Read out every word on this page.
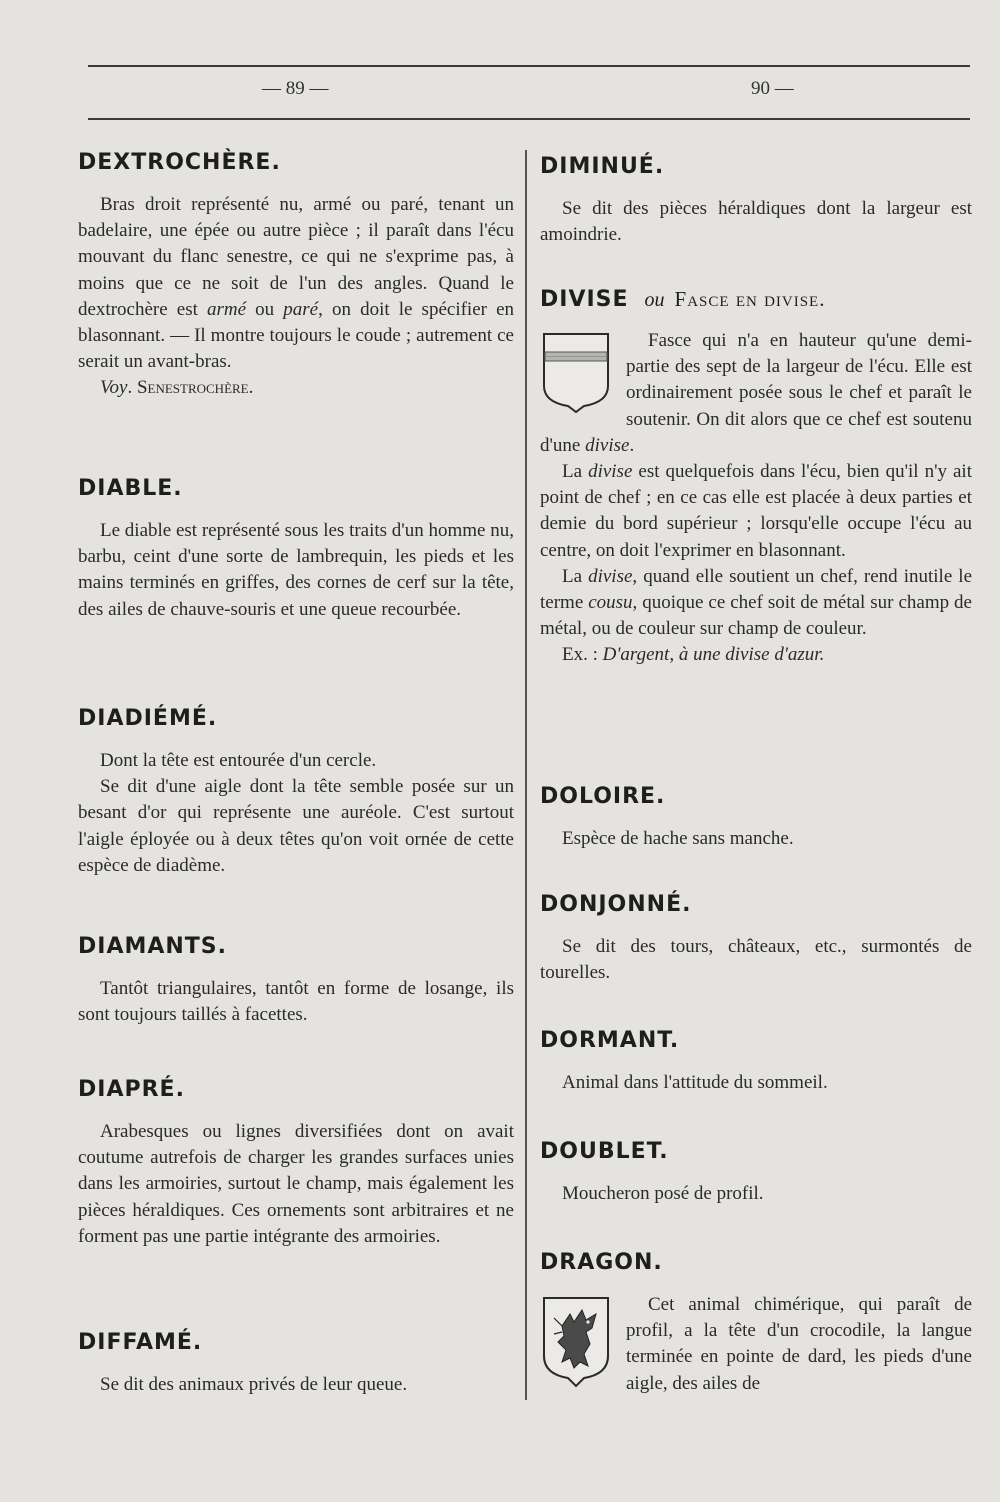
— 89 —	90 —
DEXTROCHÈRE.

Bras droit représenté nu, armé ou paré, tenant un badelaire, une épée ou autre pièce ; il paraît dans l'écu mouvant du flanc senestre, ce qui ne s'exprime pas, à moins que ce ne soit de l'un des angles. Quand le dextrochère est armé ou paré, on doit le spécifier en blasonnant. — Il montre toujours le coude ; autrement ce serait un avant-bras.

Voy. Senestrochère.

DIABLE.

Le diable est représenté sous les traits d'un homme nu, barbu, ceint d'une sorte de lambrequin, les pieds et les mains terminés en griffes, des cornes de cerf sur la tête, des ailes de chauve-souris et une queue recourbée.

DIADIÉMÉ.

Dont la tête est entourée d'un cercle.

Se dit d'une aigle dont la tête semble posée sur un besant d'or qui représente une auréole. C'est surtout l'aigle éployée ou à deux têtes qu'on voit ornée de cette espèce de diadème.

DIAMANTS.

Tantôt triangulaires, tantôt en forme de losange, ils sont toujours taillés à facettes.

DIAPRÉ.

Arabesques ou lignes diversifiées dont on avait coutume autrefois de charger les grandes surfaces unies dans les armoiries, surtout le champ, mais également les pièces héraldiques. Ces ornements sont arbitraires et ne forment pas une partie intégrante des armoiries.

DIFFAMÉ.

Se dit des animaux privés de leur queue.

DIMINUÉ.

Se dit des pièces héraldiques dont la largeur est amoindrie.

DIVISE ou Fasce en divise.

Fasce qui n'a en hauteur qu'une demi-partie des sept de la largeur de l'écu. Elle est ordinairement posée sous le chef et paraît le soutenir. On dit alors que ce chef est soutenu d'une divise.

La divise est quelquefois dans l'écu, bien qu'il n'y ait point de chef ; en ce cas elle est placée à deux parties et demie du bord supérieur ; lorsqu'elle occupe l'écu au centre, on doit l'exprimer en blasonnant.

La divise, quand elle soutient un chef, rend inutile le terme cousu, quoique ce chef soit de métal sur champ de métal, ou de couleur sur champ de couleur.

Ex. : D'argent, à une divise d'azur.

DOLOIRE.

Espèce de hache sans manche.

DONJONNÉ.

Se dit des tours, châteaux, etc., surmontés de tourelles.

DORMANT.

Animal dans l'attitude du sommeil.

DOUBLET.

Moucheron posé de profil.

DRAGON.

Cet animal chimérique, qui paraît de profil, a la tête d'un crocodile, la langue terminée en pointe de dard, les pieds d'une aigle, des ailes de
